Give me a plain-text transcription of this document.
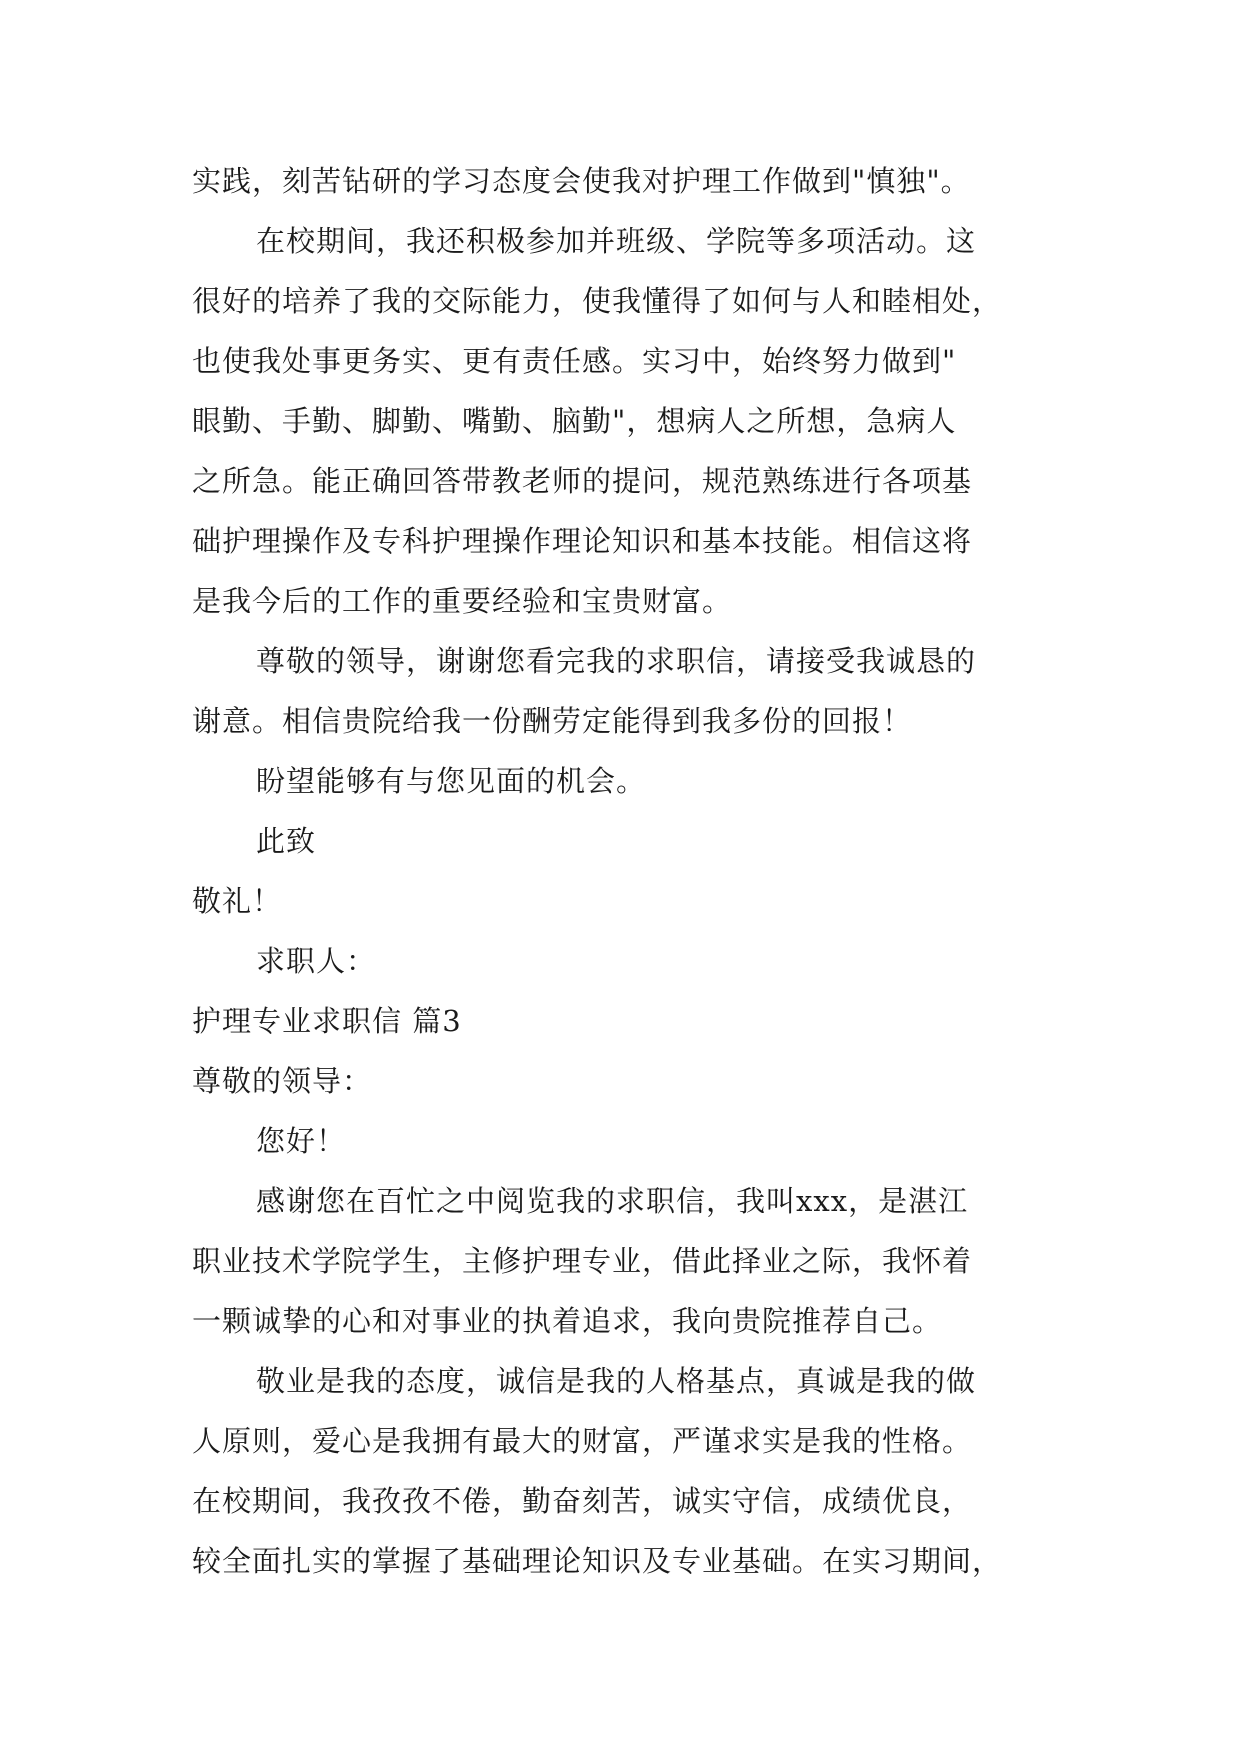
实践，刻苦钻研的学习态度会使我对护理工作做到"慎独"。
在校期间，我还积极参加并班级、学院等多项活动。这
很好的培养了我的交际能力，使我懂得了如何与人和睦相处，
也使我处事更务实、更有责任感。实习中，始终努力做到"
眼勤、手勤、脚勤、嘴勤、脑勤"，想病人之所想，急病人
之所急。能正确回答带教老师的提问，规范熟练进行各项基
础护理操作及专科护理操作理论知识和基本技能。相信这将
是我今后的工作的重要经验和宝贵财富。
尊敬的领导，谢谢您看完我的求职信，请接受我诚恳的
谢意。相信贵院给我一份酬劳定能得到我多份的回报！
盼望能够有与您见面的机会。
此致
敬礼！
求职人：
护理专业求职信 篇3
尊敬的领导：
您好！
感谢您在百忙之中阅览我的求职信，我叫xxx，是湛江
职业技术学院学生，主修护理专业，借此择业之际，我怀着
一颗诚挚的心和对事业的执着追求，我向贵院推荐自己。
敬业是我的态度，诚信是我的人格基点，真诚是我的做
人原则，爱心是我拥有最大的财富，严谨求实是我的性格。
在校期间，我孜孜不倦，勤奋刻苦，诚实守信，成绩优良，
较全面扎实的掌握了基础理论知识及专业基础。在实习期间，
